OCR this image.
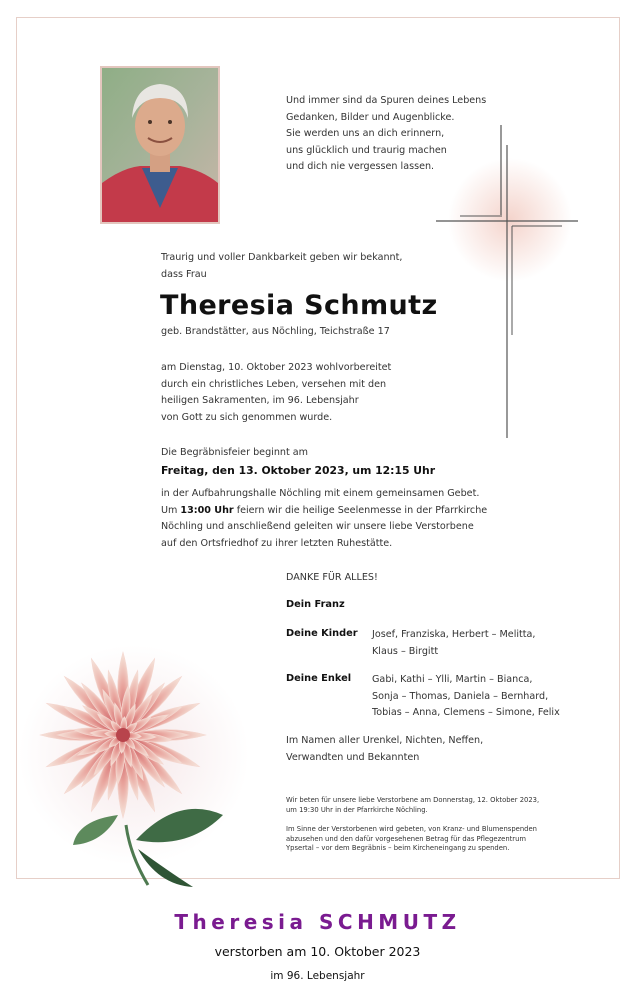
Und immer sind da Spuren deines Lebens
Gedanken, Bilder und Augenblicke.
Sie werden uns an dich erinnern,
uns glücklich und traurig machen
und dich nie vergessen lassen.
Traurig und voller Dankbarkeit geben wir bekannt,
dass Frau
Theresia Schmutz
geb. Brandstätter, aus Nöchling, Teichstraße 17
am Dienstag, 10. Oktober 2023 wohlvorbereitet
durch ein christliches Leben, versehen mit den
heiligen Sakramenten, im 96. Lebensjahr
von Gott zu sich genommen wurde.
Die Begräbnisfeier beginnt am
Freitag, den 13. Oktober 2023, um 12:15 Uhr
in der Aufbahrungshalle Nöchling mit einem gemeinsamen Gebet.
Um 13:00 Uhr feiern wir die heilige Seelenmesse in der Pfarrkirche
Nöchling und anschließend geleiten wir unsere liebe Verstorbene
auf den Ortsfriedhof zu ihrer letzten Ruhestätte.
DANKE FÜR ALLES!
Dein Franz
Deine Kinder Josef, Franziska, Herbert – Melitta,
Klaus – Birgitt
Deine Enkel Gabi, Kathi – Ylli, Martin – Bianca,
Sonja – Thomas, Daniela – Bernhard,
Tobias – Anna, Clemens – Simone, Felix
Im Namen aller Urenkel, Nichten, Neffen,
Verwandten und Bekannten
Wir beten für unsere liebe Verstorbene am Donnerstag, 12. Oktober 2023,
um 19:30 Uhr in der Pfarrkirche Nöchling.
Im Sinne der Verstorbenen wird gebeten, von Kranz- und Blumenspenden
abzusehen und den dafür vorgesehenen Betrag für das Pflegezentrum
Ypsertal – vor dem Begräbnis – beim Kircheneingang zu spenden.
Theresia SCHMUTZ
verstorben am 10. Oktober 2023
im 96. Lebensjahr
